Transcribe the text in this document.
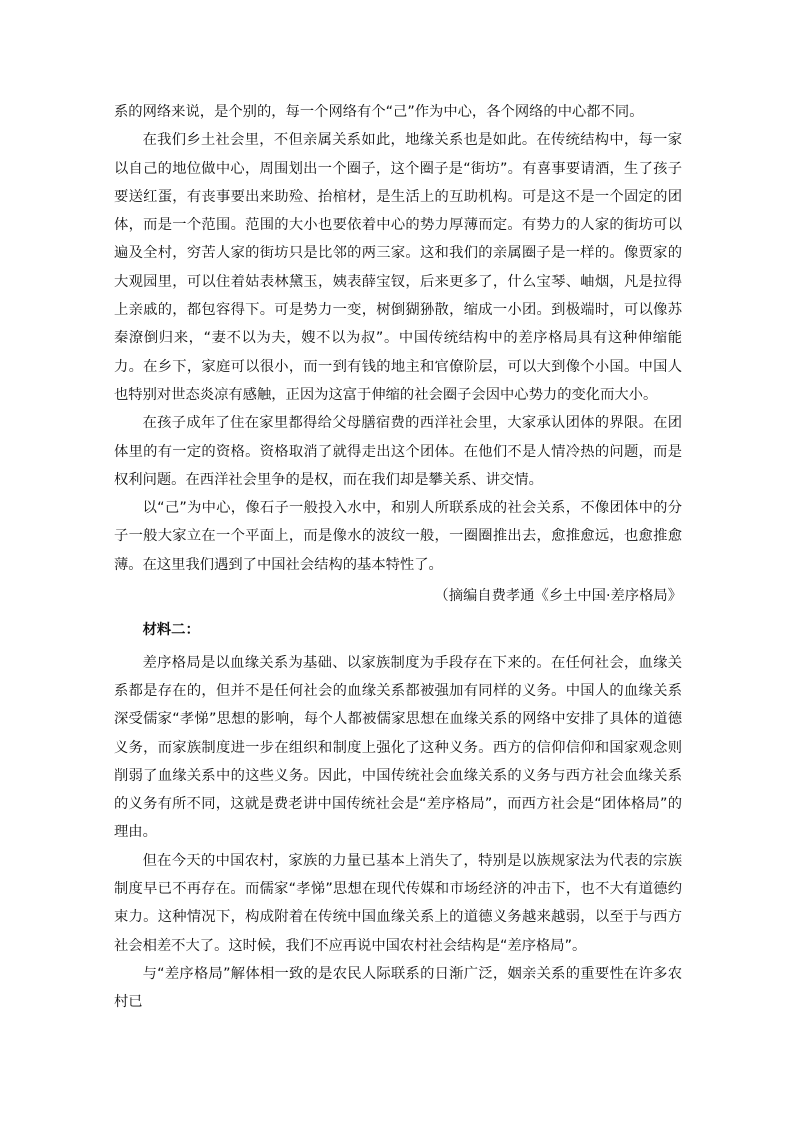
系的网络来说，是个别的，每一个网络有个“己”作为中心，各个网络的中心都不同。

在我们乡土社会里，不但亲属关系如此，地缘关系也是如此。在传统结构中，每一家以自己的地位做中心，周围划出一个圈子，这个圈子是“街坊”。有喜事要请酒，生了孩子要送红蛋，有丧事要出来助殓、抬棺材，是生活上的互助机构。可是这不是一个固定的团体，而是一个范围。范围的大小也要依着中心的势力厚薄而定。有势力的人家的街坊可以遍及全村，穷苦人家的街坊只是比邻的两三家。这和我们的亲属圈子是一样的。像贾家的大观园里，可以住着姑表林黛玉，姨表薛宝钗，后来更多了，什么宝琴、岫烟，凡是拉得上亲戚的，都包容得下。可是势力一变，树倒猢狲散，缩成一小团。到极端时，可以像苏秦潦倒归来，“妻不以为夫，嫂不以为叔”。中国传统结构中的差序格局具有这种伸缩能力。在乡下，家庭可以很小，而一到有钱的地主和官僚阶层，可以大到像个小国。中国人也特别对世态炎凉有感触，正因为这富于伸缩的社会圈子会因中心势力的变化而大小。

在孩子成年了住在家里都得给父母膳宿费的西洋社会里，大家承认团体的界限。在团体里的有一定的资格。资格取消了就得走出这个团体。在他们不是人情冷热的问题，而是权利问题。在西洋社会里争的是权，而在我们却是攀关系、讲交情。

以“己”为中心，像石子一般投入水中，和别人所联系成的社会关系，不像团体中的分子一般大家立在一个平面上，而是像水的波纹一般，一圈圈推出去，愈推愈远，也愈推愈薄。在这里我们遇到了中国社会结构的基本特性了。

（摘编自费孝通《乡土中国·差序格局》

材料二：

差序格局是以血缘关系为基础、以家族制度为手段存在下来的。在任何社会，血缘关系都是存在的，但并不是任何社会的血缘关系都被强加有同样的义务。中国人的血缘关系深受儒家“孝悌”思想的影响，每个人都被儒家思想在血缘关系的网络中安排了具体的道德义务，而家族制度进一步在组织和制度上强化了这种义务。西方的信仰信仰和国家观念则削弱了血缘关系中的这些义务。因此，中国传统社会血缘关系的义务与西方社会血缘关系的义务有所不同，这就是费老讲中国传统社会是“差序格局”，而西方社会是“团体格局”的理由。

但在今天的中国农村，家族的力量已基本上消失了，特别是以族规家法为代表的宗族制度早已不再存在。而儒家“孝悌”思想在现代传媒和市场经济的冲击下，也不大有道德约束力。这种情况下，构成附着在传统中国血缘关系上的道德义务越来越弱，以至于与西方社会相差不大了。这时候，我们不应再说中国农村社会结构是“差序格局”。

与“差序格局”解体相一致的是农民人际联系的日渐广泛，姻亲关系的重要性在许多农村已
